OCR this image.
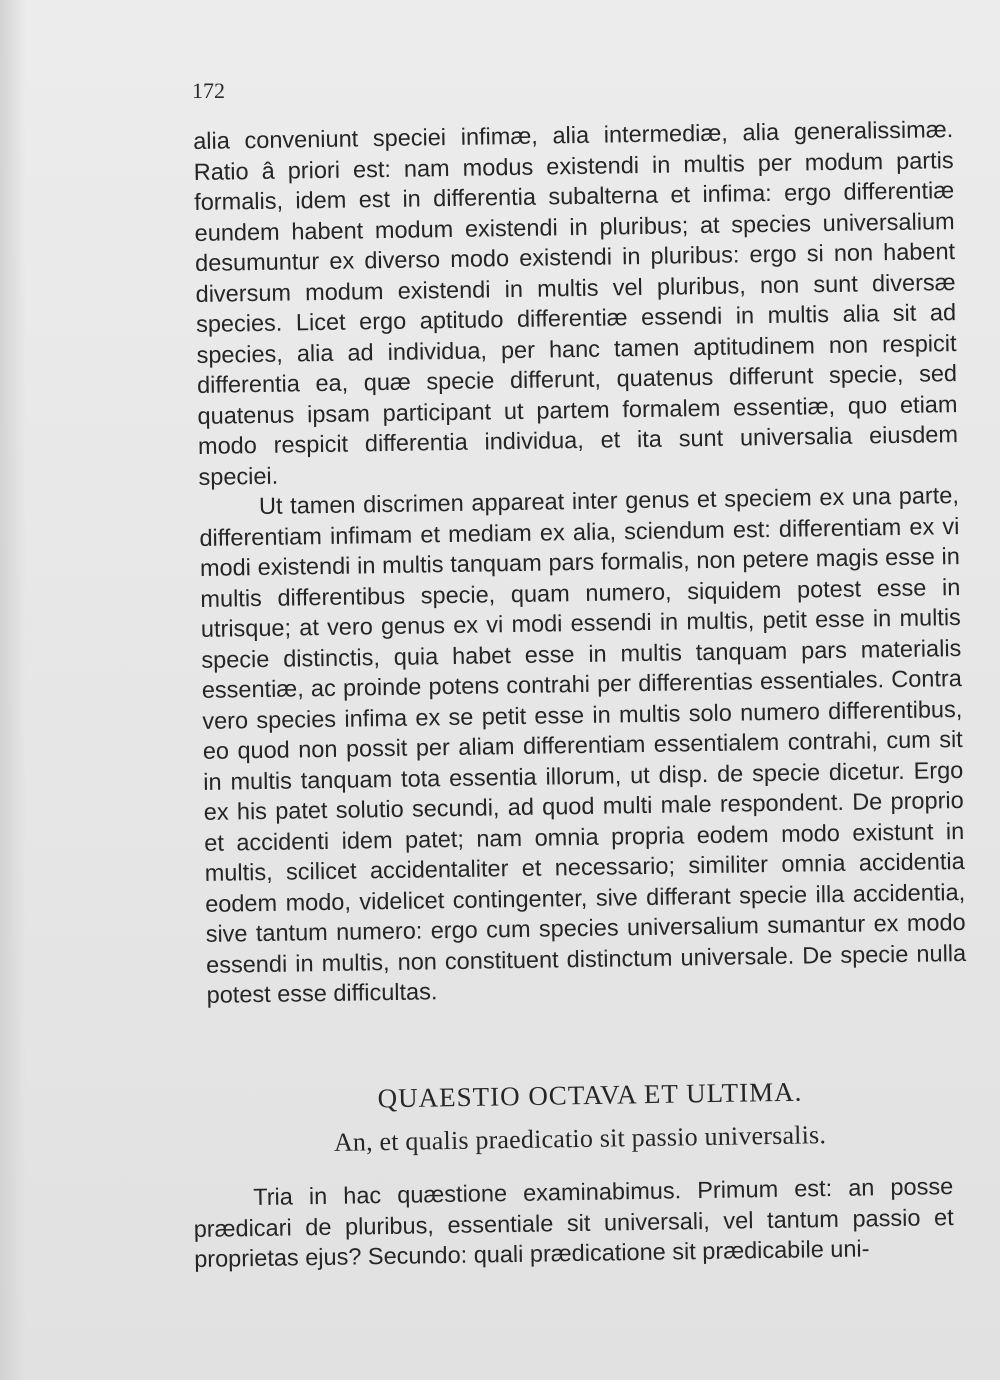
172

alia conveniunt speciei infimæ, alia intermediæ, alia generalissimæ. Ratio â priori est: nam modus existendi in multis per modum partis formalis, idem est in differentia subalterna et infima: ergo differentiæ eundem habent modum existendi in pluribus; at species universalium desumuntur ex diverso modo existendi in pluribus: ergo si non habent diversum modum existendi in multis vel pluribus, non sunt diversæ species. Licet ergo aptitudo differentiæ essendi in multis alia sit ad species, alia ad individua, per hanc tamen aptitudinem non respicit differentia ea, quæ specie differunt, quatenus differunt specie, sed quatenus ipsam participant ut partem formalem essentiæ, quo etiam modo respicit differentia individua, et ita sunt universalia eiusdem speciei.

Ut tamen discrimen appareat inter genus et speciem ex una parte, differentiam infimam et mediam ex alia, sciendum est: differentiam ex vi modi existendi in multis tanquam pars formalis, non petere magis esse in multis differentibus specie, quam numero, siquidem potest esse in utrisque; at vero genus ex vi modi essendi in multis, petit esse in multis specie distinctis, quia habet esse in multis tanquam pars materialis essentiæ, ac proinde potens contrahi per differentias essentiales. Contra vero species infima ex se petit esse in multis solo numero differentibus, eo quod non possit per aliam differentiam essentialem contrahi, cum sit in multis tanquam tota essentia illorum, ut disp. de specie dicetur. Ergo ex his patet solutio secundi, ad quod multi male respondent. De proprio et accidenti idem patet; nam omnia propria eodem modo existunt in multis, scilicet accidentaliter et necessario; similiter omnia accidentia eodem modo, videlicet contingenter, sive differant specie illa accidentia, sive tantum numero: ergo cum species universalium sumantur ex modo essendi in multis, non constituent distinctum universale. De specie nulla potest esse difficultas.

QUAESTIO OCTAVA ET ULTIMA.
An, et qualis praedicatio sit passio universalis.

Tria in hac quæstione examinabimus. Primum est: an posse prædicari de pluribus, essentiale sit universali, vel tantum passio et proprietas ejus? Secundo: quali prædicatione sit prædicabile uni-
